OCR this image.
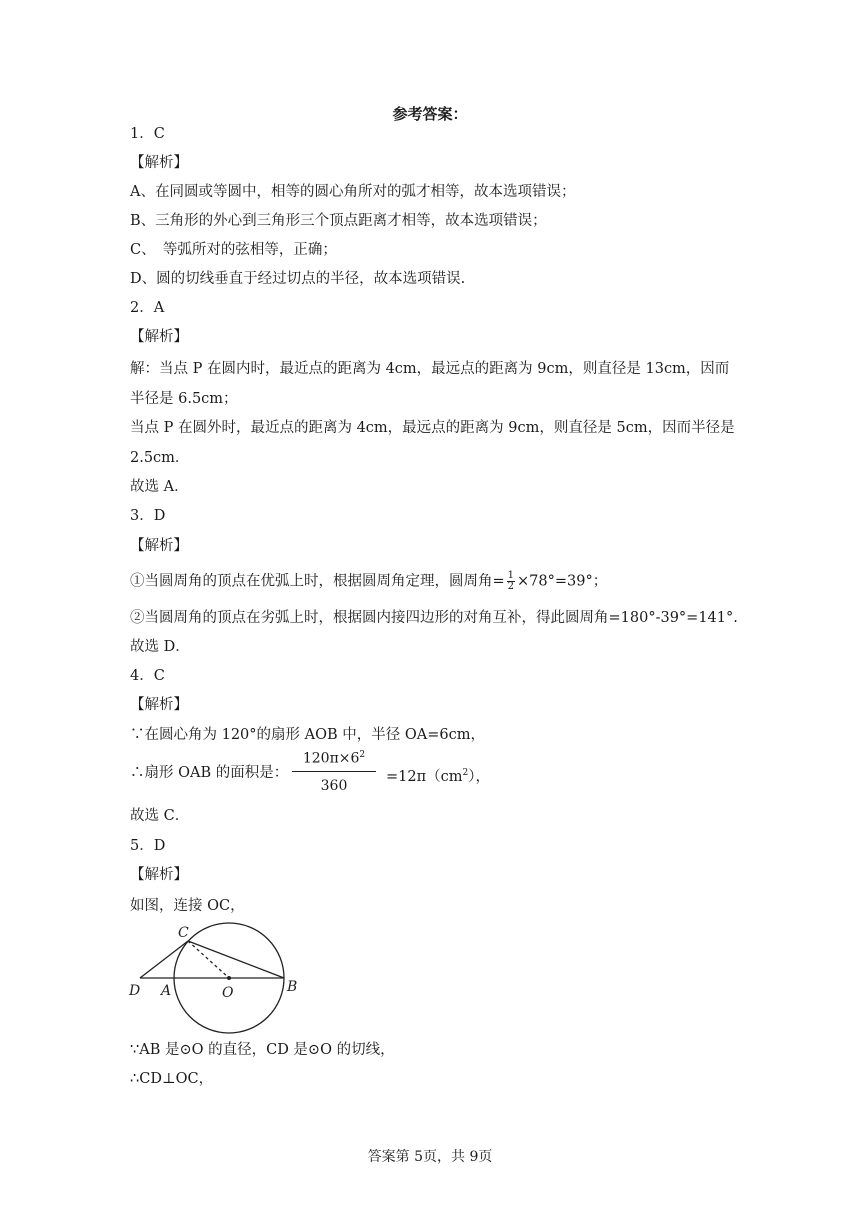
参考答案：
1．C
【解析】
A、在同圆或等圆中，相等的圆心角所对的弧才相等，故本选项错误；
B、三角形的外心到三角形三个顶点距离才相等，故本选项错误；
C、　等弧所对的弦相等，正确；
D、圆的切线垂直于经过切点的半径，故本选项错误.
2．A
【解析】
解：当点 P 在圆内时，最近点的距离为 4cm，最远点的距离为 9cm，则直径是 13cm，因而
半径是 6.5cm；
当点 P 在圆外时，最近点的距离为 4cm，最远点的距离为 9cm，则直径是 5cm，因而半径是
2.5cm．
故选 A．
3．D
【解析】
①当圆周角的顶点在优弧上时，根据圆周角定理，圆周角= $\frac{1}{2} \times 78^\circ=39^\circ$；
②当圆周角的顶点在劣弧上时，根据圆内接四边形的对角互补，得此圆周角=180°-39°=141°.
故选 D．
4．C
【解析】
∵在圆心角为 120°的扇形 AOB 中，半径 OA=6cm，
∴扇形 OAB 的面积是： $\frac{120\pi\times 6^2}{360} =12\pi(cm^2)$，
故选 C．
5．D
【解析】
如图，连接 OC，
C
D A	O	B
∵AB 是⊙O 的直径，CD 是⊙O 的切线，
∴CD⊥OC，
答案第 5页，共 9页
